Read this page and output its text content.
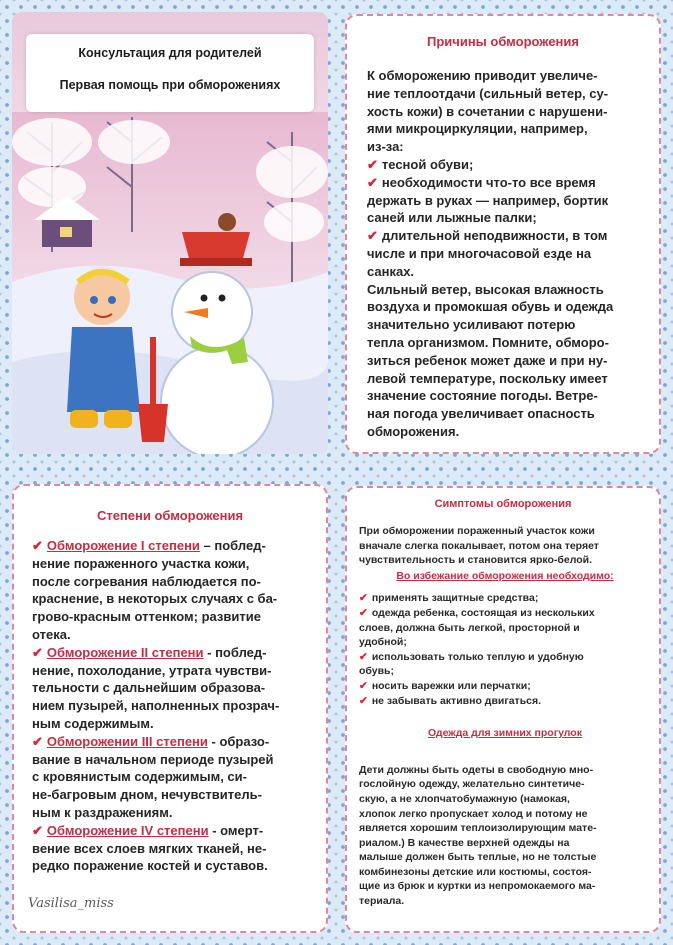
Консультация для родителей
Первая помощь при обморожениях
Причины обморожения
К обморожению приводит увеличе-
ние теплоотдачи (сильный ветер, су-
хость кожи) в сочетании с нарушени-
ями микроциркуляции, например,
из-за:
✔ тесной обуви;
✔ необходимости что-то все время
держать в руках — например, бортик
саней или лыжные палки;
✔ длительной неподвижности, в том
числе и при многочасовой езде на
санках.
Сильный ветер, высокая влажность
воздуха и промокшая обувь и одежда
значительно усиливают потерю
тепла организмом. Помните, обморо-
зиться ребенок может даже и при ну-
левой температуре, поскольку имеет
значение состояние погоды. Ветре-
ная погода увеличивает опасность
обморожения.
Степени обморожения
✔ Обморожение I степени – поблед-
нение пораженного участка кожи,
после согревания наблюдается по-
краснение, в некоторых случаях с ба-
грово-красным оттенком; развитие
отека.
✔ Обморожение II степени - поблед-
нение, похолодание, утрата чувстви-
тельности с дальнейшим образова-
нием пузырей, наполненных прозрач-
ным содержимым.
✔ Обморожении III степени - образо-
вание в начальном периоде пузырей
с кровянистым содержимым, си-
не-багровым дном, нечувствитель-
ным к раздражениям.
✔ Обморожение IV степени - омерт-
вение всех слоев мягких тканей, не-
редко поражение костей и суставов.
Симптомы обморожения
При обморожении пораженный участок кожи
вначале слегка покалывает, потом она теряет
чувствительность и становится ярко-белой.
Во избежание обморожения необходимо:
✔ применять защитные средства;
✔ одежда ребенка, состоящая из нескольких
слоев, должна быть легкой, просторной и
удобной;
✔ использовать только теплую и удобную
обувь;
✔ носить варежки или перчатки;
✔ не забывать активно двигаться.
Одежда для зимних прогулок
Дети должны быть одеты в свободную мно-
гослойную одежду, желательно синтетиче-
скую, а не хлопчатобумажную (намокая,
хлопок легко пропускает холод и потому не
является хорошим теплоизолирующим мате-
риалом.) В качестве верхней одежды на
малыше должен быть теплые, но не толстые
комбинезоны детские или костюмы, состоя-
щие из брюк и куртки из непромокаемого ма-
териала.
Vasilisa_miss
